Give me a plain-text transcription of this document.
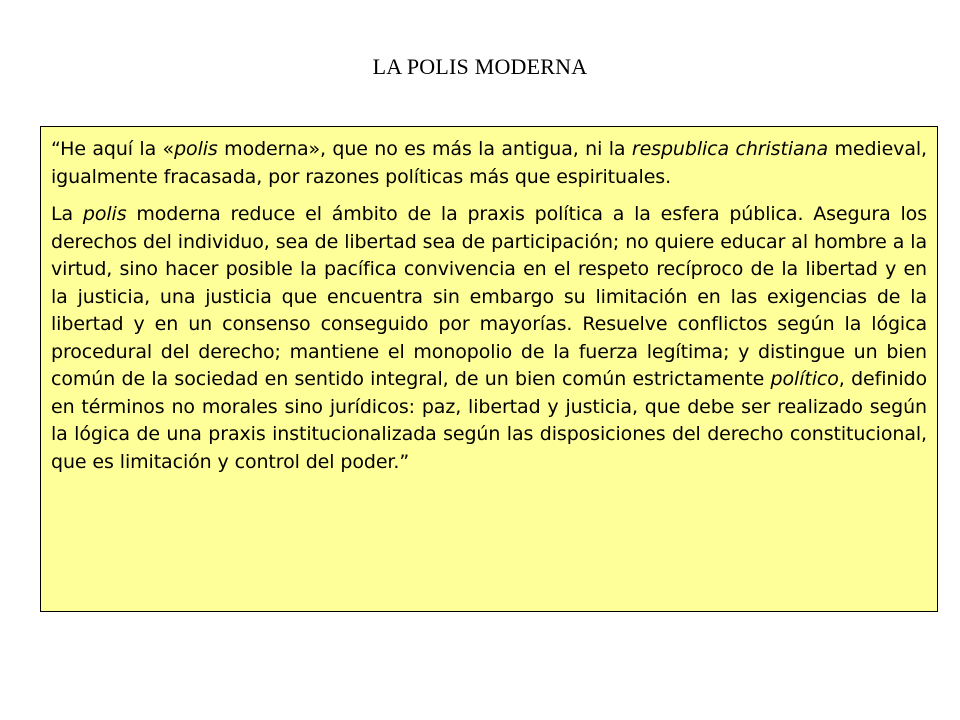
LA POLIS MODERNA

“He aquí la «polis moderna», que no es más la antigua, ni la respublica christiana medieval, igualmente fracasada, por razones políticas más que espirituales.

La polis moderna reduce el ámbito de la praxis política a la esfera pública. Asegura los derechos del individuo, sea de libertad sea de participación; no quiere educar al hombre a la virtud, sino hacer posible la pacífica convivencia en el respeto recíproco de la libertad y en la justicia, una justicia que encuentra sin embargo su limitación en las exigencias de la libertad y en un consenso conseguido por mayorías. Resuelve conflictos según la lógica procedural del derecho; mantiene el monopolio de la fuerza legítima; y distingue un bien común de la sociedad en sentido integral, de un bien común estrictamente político, definido en términos no morales sino jurídicos: paz, libertad y justicia, que debe ser realizado según la lógica de una praxis institucionalizada según las disposiciones del derecho constitucional, que es limitación y control del poder.”
